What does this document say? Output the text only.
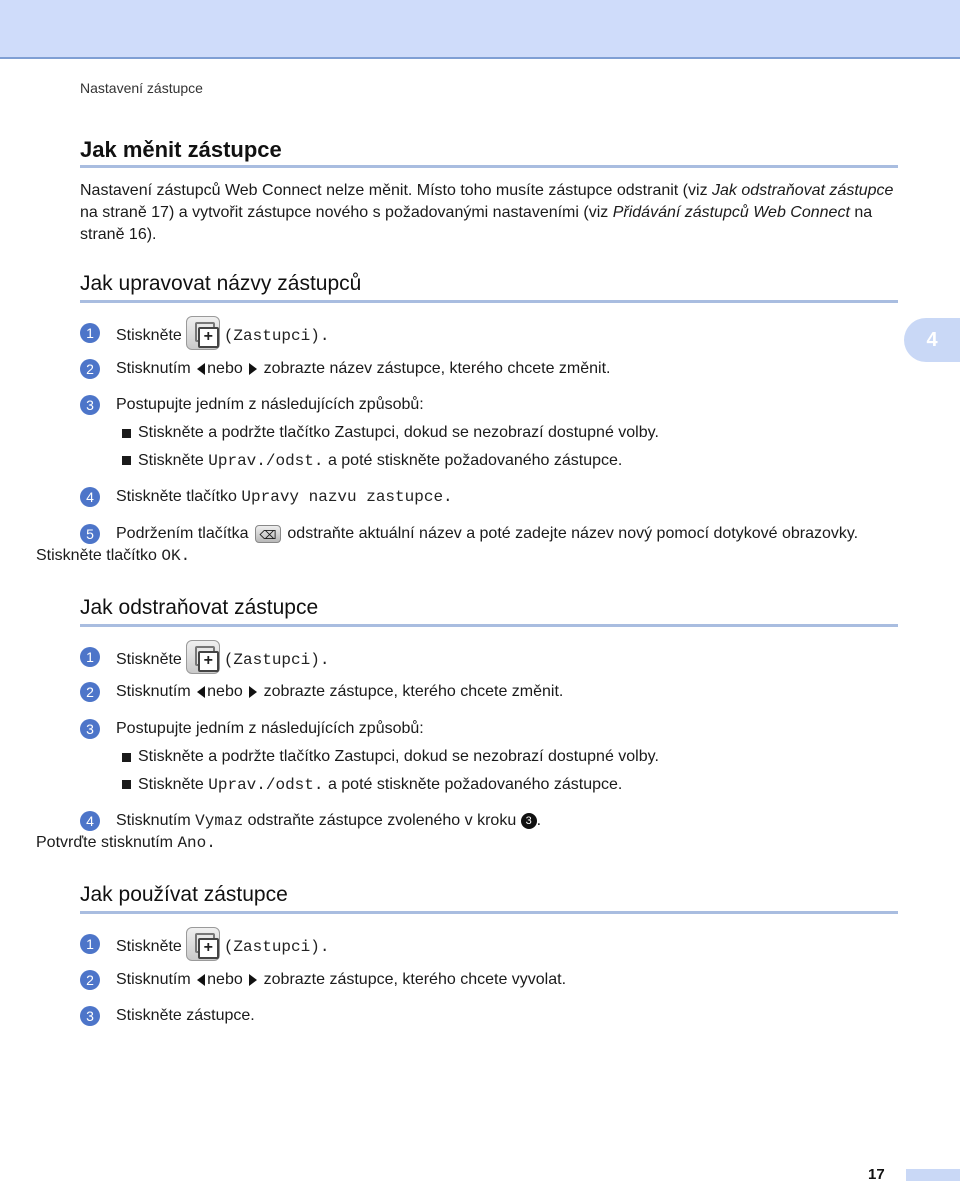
Nastavení zástupce
4
Jak měnit zástupce
Nastavení zástupců Web Connect nelze měnit. Místo toho musíte zástupce odstranit (viz Jak odstraňovat zástupce na straně 17) a vytvořit zástupce nového s požadovanými nastaveními (viz Přidávání zástupců Web Connect na straně 16).
Jak upravovat názvy zástupců
1	Stiskněte	+ (Zastupci).
2	Stisknutím nebo zobrazte název zástupce, kterého chcete změnit.
3	Postupujte jedním z následujících způsobů:
Stiskněte a podržte tlačítko Zastupci, dokud se nezobrazí dostupné volby.
Stiskněte Uprav./odst. a poté stiskněte požadovaného zástupce.
4	Stiskněte tlačítko Upravy nazvu zastupce.
5	Podržením tlačítka ⌫ odstraňte aktuální název a poté zadejte název nový pomocí dotykové obrazovky.
Stiskněte tlačítko OK.
Jak odstraňovat zástupce
1	Stiskněte	+ (Zastupci).
2	Stisknutím nebo zobrazte zástupce, kterého chcete změnit.
3	Postupujte jedním z následujících způsobů:
Stiskněte a podržte tlačítko Zastupci, dokud se nezobrazí dostupné volby.
Stiskněte Uprav./odst. a poté stiskněte požadovaného zástupce.
4	Stisknutím Vymaz odstraňte zástupce zvoleného v kroku 3 .
Potvrďte stisknutím Ano.
Jak používat zástupce
1	Stiskněte	+ (Zastupci).
2	Stisknutím nebo zobrazte zástupce, kterého chcete vyvolat.
3	Stiskněte zástupce.
17
